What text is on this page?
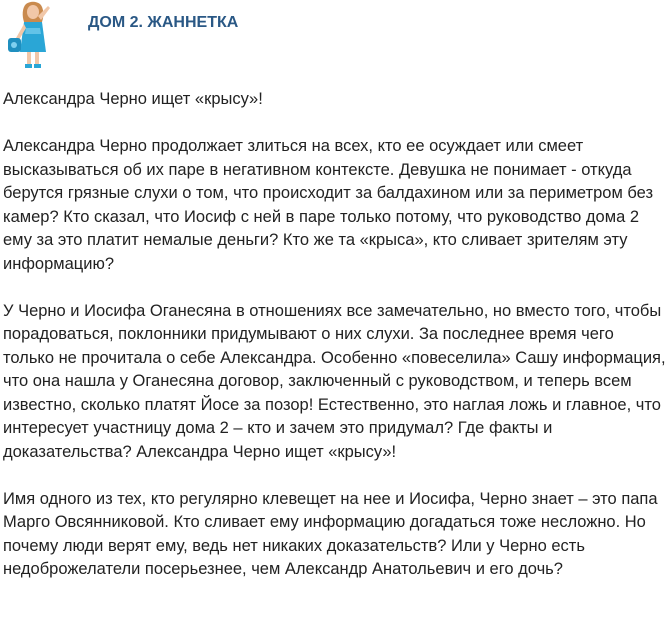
ДОМ 2. ЖАННЕТКА

Александра Черно ищет «крысу»!

Александра Черно продолжает злиться на всех, кто ее осуждает или смеет высказываться об их паре в негативном контексте. Девушка не понимает - откуда берутся грязные слухи о том, что происходит за балдахином или за периметром без камер? Кто сказал, что Иосиф с ней в паре только потому, что руководство дома 2 ему за это платит немалые деньги? Кто же та «крыса», кто сливает зрителям эту информацию?

У Черно и Иосифа Оганесяна в отношениях все замечательно, но вместо того, чтобы порадоваться, поклонники придумывают о них слухи. За последнее время чего только не прочитала о себе Александра. Особенно «повеселила» Сашу информация, что она нашла у Оганесяна договор, заключенный с руководством, и теперь всем известно, сколько платят Йосе за позор! Естественно, это наглая ложь и главное, что интересует участницу дома 2 – кто и зачем это придумал? Где факты и доказательства? Александра Черно ищет «крысу»!

Имя одного из тех, кто регулярно клевещет на нее и Иосифа, Черно знает – это папа Марго Овсянниковой. Кто сливает ему информацию догадаться тоже несложно. Но почему люди верят ему, ведь нет никаких доказательств? Или у Черно есть недоброжелатели посерьезнее, чем Александр Анатольевич и его дочь?
